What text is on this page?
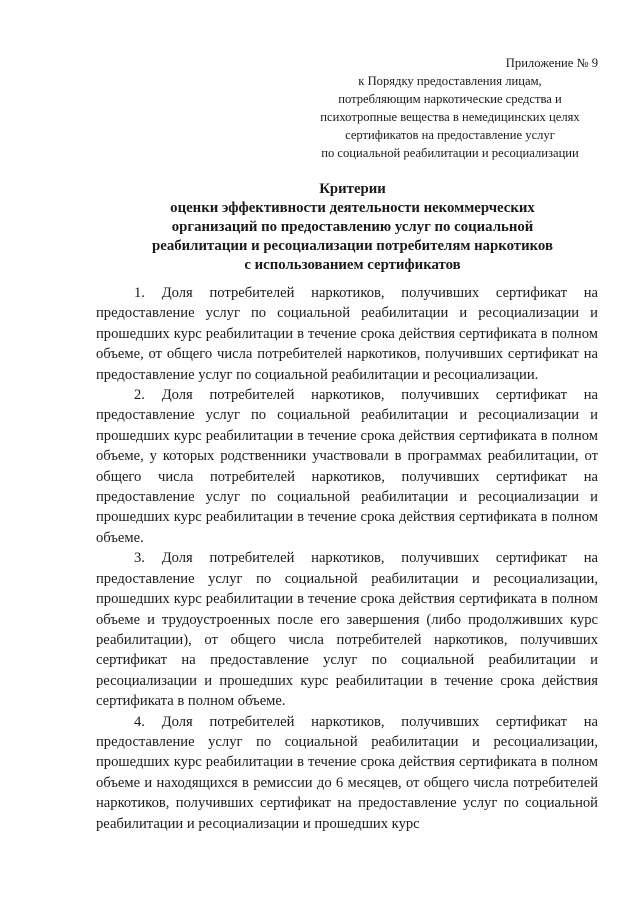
Приложение № 9
к Порядку предоставления лицам,
потребляющим наркотические средства и
психотропные вещества в немедицинских целях
сертификатов на предоставление услуг
по социальной реабилитации и ресоциализации
Критерии
оценки эффективности деятельности некоммерческих
организаций по предоставлению услуг по социальной
реабилитации и ресоциализации потребителям наркотиков
с использованием сертификатов

1. Доля потребителей наркотиков, получивших сертификат на предоставление услуг по социальной реабилитации и ресоциализации и прошедших курс реабилитации в течение срока действия сертификата в полном объеме, от общего числа потребителей наркотиков, получивших сертификат на предоставление услуг по социальной реабилитации и ресоциализации.

2. Доля потребителей наркотиков, получивших сертификат на предоставление услуг по социальной реабилитации и ресоциализации и прошедших курс реабилитации в течение срока действия сертификата в полном объеме, у которых родственники участвовали в программах реабилитации, от общего числа потребителей наркотиков, получивших сертификат на предоставление услуг по социальной реабилитации и ресоциализации и прошедших курс реабилитации в течение срока действия сертификата в полном объеме.

3. Доля потребителей наркотиков, получивших сертификат на предоставление услуг по социальной реабилитации и ресоциализации, прошедших курс реабилитации в течение срока действия сертификата в полном объеме и трудоустроенных после его завершения (либо продолживших курс реабилитации), от общего числа потребителей наркотиков, получивших сертификат на предоставление услуг по социальной реабилитации и ресоциализации и прошедших курс реабилитации в течение срока действия сертификата в полном объеме.

4. Доля потребителей наркотиков, получивших сертификат на предоставление услуг по социальной реабилитации и ресоциализации, прошедших курс реабилитации в течение срока действия сертификата в полном объеме и находящихся в ремиссии до 6 месяцев, от общего числа потребителей наркотиков, получивших сертификат на предоставление услуг по социальной реабилитации и ресоциализации и прошедших курс
